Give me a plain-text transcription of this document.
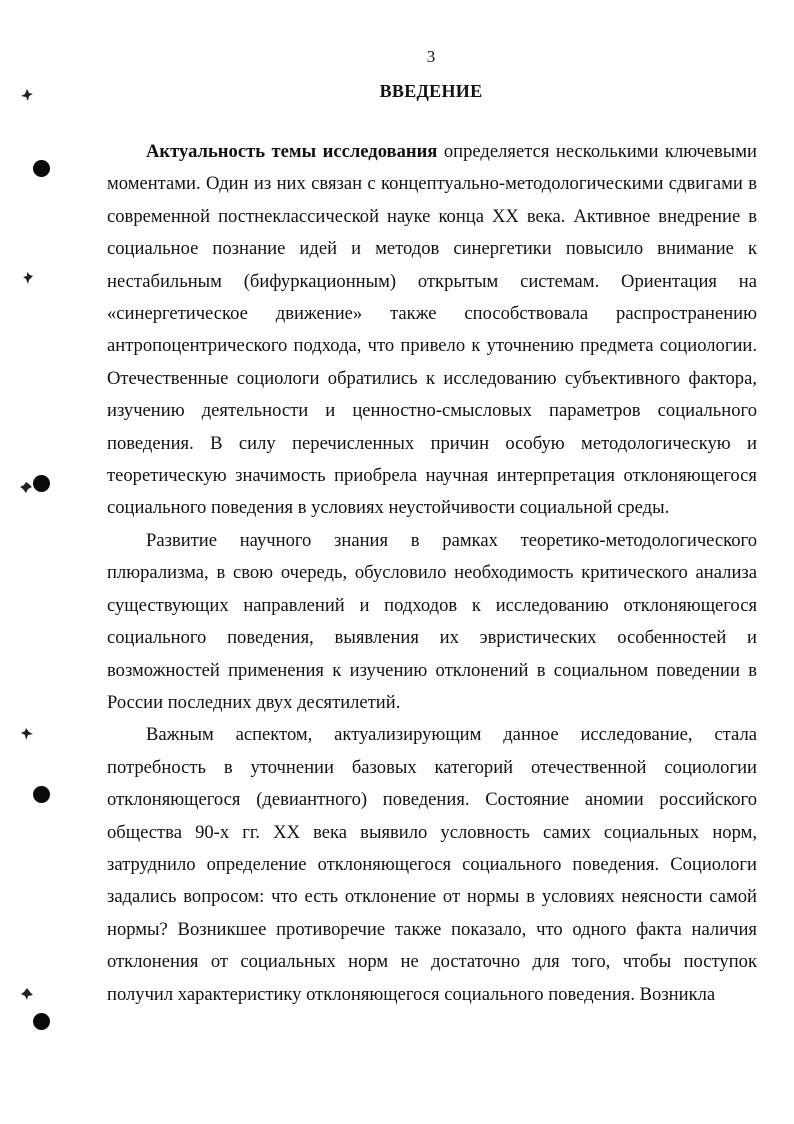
3
ВВЕДЕНИЕ

Актуальность темы исследования определяется несколькими ключевыми моментами. Один из них связан с концептуально-методологическими сдвигами в современной постнеклассической науке конца XX века. Активное внедрение в социальное познание идей и методов синергетики повысило внимание к нестабильным (бифуркационным) открытым системам. Ориентация на «синергетическое движение» также способствовала распространению антропоцентрического подхода, что привело к уточнению предмета социологии. Отечественные социологи обратились к исследованию субъективного фактора, изучению деятельности и ценностно-смысловых параметров социального поведения. В силу перечисленных причин особую методологическую и теоретическую значимость приобрела научная интерпретация отклоняющегося социального поведения в условиях неустойчивости социальной среды.

Развитие научного знания в рамках теоретико-методологического плюрализма, в свою очередь, обусловило необходимость критического анализа существующих направлений и подходов к исследованию отклоняющегося социального поведения, выявления их эвристических особенностей и возможностей применения к изучению отклонений в социальном поведении в России последних двух десятилетий.

Важным аспектом, актуализирующим данное исследование, стала потребность в уточнении базовых категорий отечественной социологии отклоняющегося (девиантного) поведения. Состояние аномии российского общества 90-х гг. XX века выявило условность самих социальных норм, затруднило определение отклоняющегося социального поведения. Социологи задались вопросом: что есть отклонение от нормы в условиях неясности самой нормы? Возникшее противоречие также показало, что одного факта наличия отклонения от социальных норм не достаточно для того, чтобы поступок получил характеристику отклоняющегося социального поведения. Возникла
